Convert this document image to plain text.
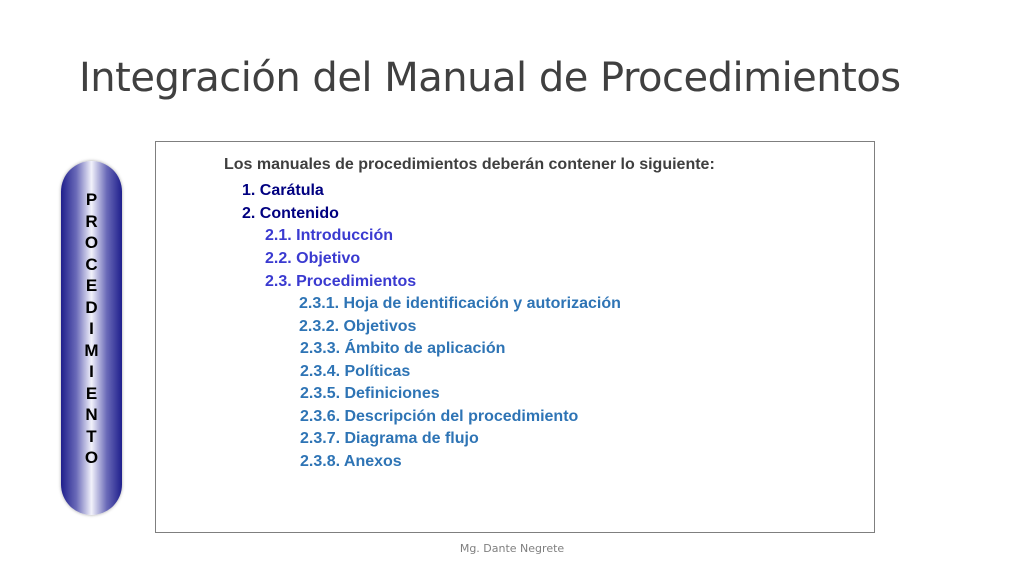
Integración del Manual de Procedimientos
P
R
O
C
E
D
I
M
I
E
N
T
O
Los manuales de procedimientos deberán contener lo siguiente:
1. Carátula
2. Contenido
2.1. Introducción
2.2. Objetivo
2.3. Procedimientos
2.3.1. Hoja de identificación y autorización
2.3.2. Objetivos
2.3.3. Ámbito de aplicación
2.3.4. Políticas
2.3.5. Definiciones
2.3.6. Descripción del procedimiento
2.3.7. Diagrama de flujo
2.3.8. Anexos
Mg. Dante Negrete
